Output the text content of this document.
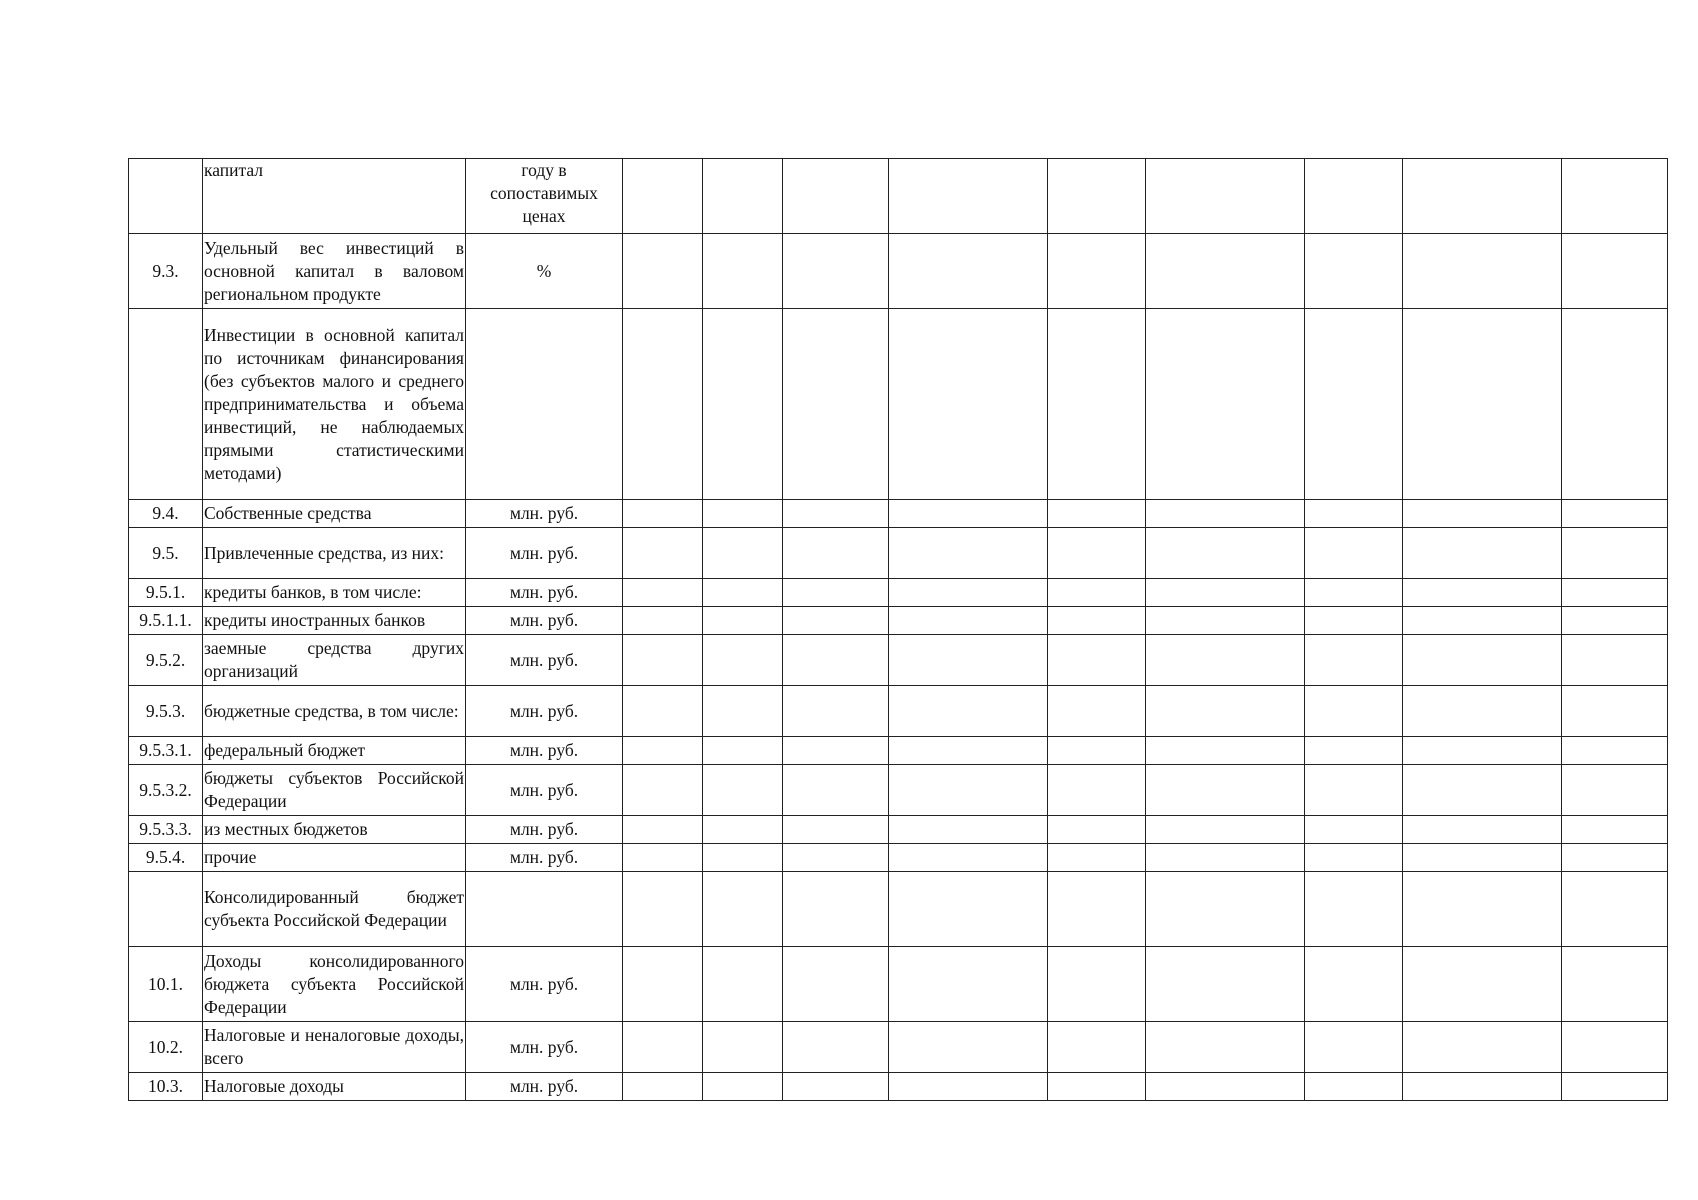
	капитал	году в сопоставимых ценах									
9.3.	Удельный вес инвестиций в основной капитал в валовом региональном продукте	%									
	Инвестиции в основной капитал по источникам финансирования (без субъектов малого и среднего предпринимательства и объема инвестиций, не наблюдаемых прямыми статистическими методами)										
9.4.	Собственные средства	млн. руб.									
9.5.	Привлеченные средства, из них:	млн. руб.									
9.5.1.	кредиты банков, в том числе:	млн. руб.									
9.5.1.1.	кредиты иностранных банков	млн. руб.									
9.5.2.	заемные средства других организаций	млн. руб.									
9.5.3.	бюджетные средства, в том числе:	млн. руб.									
9.5.3.1.	федеральный бюджет	млн. руб.									
9.5.3.2.	бюджеты субъектов Российской Федерации	млн. руб.									
9.5.3.3.	из местных бюджетов	млн. руб.									
9.5.4.	прочие	млн. руб.									
	Консолидированный бюджет субъекта Российской Федерации										
10.1.	Доходы консолидированного бюджета субъекта Российской Федерации	млн. руб.									
10.2.	Налоговые и неналоговые доходы, всего	млн. руб.									
10.3.	Налоговые доходы	млн. руб.									
